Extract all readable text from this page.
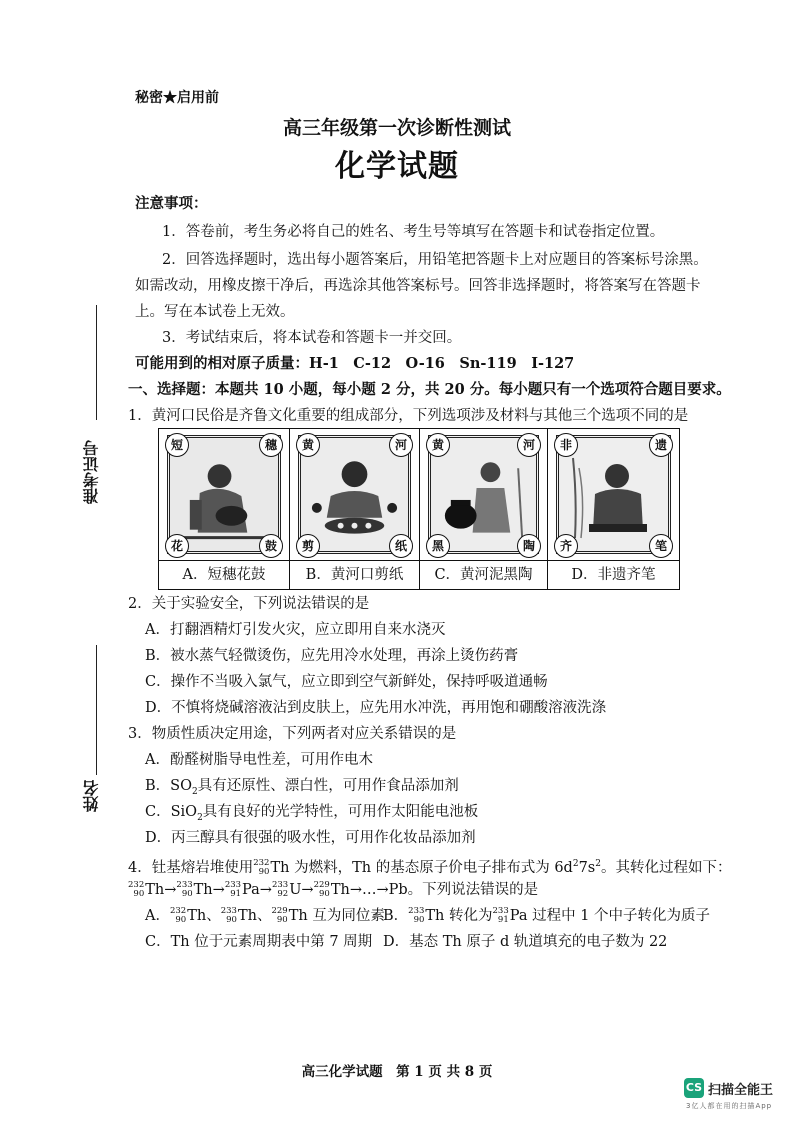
秘密★启用前
高三年级第一次诊断性测试
化学试题
注意事项：
1．答卷前，考生务必将自己的姓名、考生号等填写在答题卡和试卷指定位置。
2．回答选择题时，选出每小题答案后，用铅笔把答题卡上对应题目的答案标号涂黑。
如需改动，用橡皮擦干净后，再选涂其他答案标号。回答非选择题时，将答案写在答题卡
上。写在本试卷上无效。
3．考试结束后，将本试卷和答题卡一并交回。
可能用到的相对原子质量：H-1　C-12　O-16　Sn-119　I-127
一、选择题：本题共 10 小题，每小题 2 分，共 20 分。每小题只有一个选项符合题目要求。
准考证号
姓名
1．黄河口民俗是齐鲁文化重要的组成部分，下列选项涉及材料与其他三个选项不同的是
短	穗
花	鼓
黄	河
剪	纸
黄	河
黑	陶
非	遗
齐	笔
A．短穗花鼓	B．黄河口剪纸	C．黄河泥黑陶	D．非遗齐笔
2．关于实验安全，下列说法错误的是
A．打翻酒精灯引发火灾，应立即用自来水浇灭
B．被水蒸气轻微烫伤，应先用冷水处理，再涂上烫伤药膏
C．操作不当吸入氯气，应立即到空气新鲜处，保持呼吸道通畅
D．不慎将烧碱溶液沾到皮肤上，应先用水冲洗，再用饱和硼酸溶液洗涤
3．物质性质决定用途，下列两者对应关系错误的是
A．酚醛树脂导电性差，可用作电木
B．$SO_2$具有还原性、漂白性，可用作食品添加剂
C．SiO$_2$具有良好的光学特性，可用作太阳能电池板
D．丙三醇具有很强的吸水性，可用作化妆品添加剂
4．钍基熔岩堆使用 232
90 Th 为燃料，Th 的基态原子价电子排布式为 $6d^27s^2$。其转化过程如下：
232
90 Th→ 233
90 Th→ 233
91 Pa→ 233
92 U→ 229
90 Th→…→Pb。下列说法错误的是
A． 232
90 Th、 233
90 Th、 229
90 Th 互为同位素
B． 233
90 Th 转化为 233
91 Pa 过程中 1 个中子转化为质子
C．Th 位于元素周期表中第 7 周期 D．基态 Th 原子 d 轨道填充的电子数为 22
高三化学试题　第 1 页 共 8 页
CS 扫描全能王
3亿人都在用的扫描App
